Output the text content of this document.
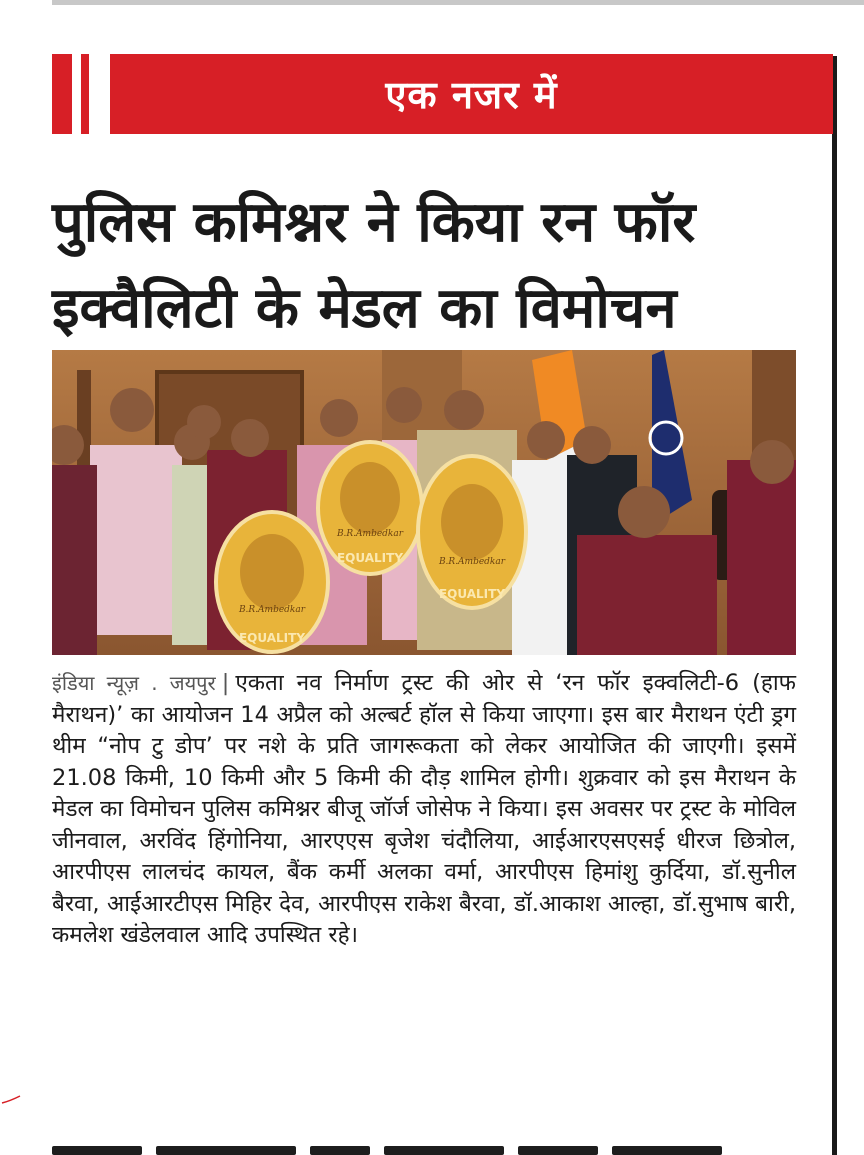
एक नजर में
पुलिस कमिश्नर ने किया रन फॉर इक्वैलिटी के मेडल का विमोचन
EQUALITY
EQUALITY
EQUALITY
B.R.Ambedkar
B.R.Ambedkar
B.R.Ambedkar

इंडिया न्यूज़ . जयपुर | एकता नव निर्माण ट्रस्ट की ओर से ‘रन फॉर इक्वलिटी-6 (हाफ मैराथन)’ का आयोजन 14 अप्रैल को अल्बर्ट हॉल से किया जाएगा। इस बार मैराथन एंटी ड्रग थीम “नोप टु डोप’ पर नशे के प्रति जागरूकता को लेकर आयोजित की जाएगी। इसमें 21.08 किमी, 10 किमी और 5 किमी की दौड़ शामिल होगी। शुक्रवार को इस मैराथन के मेडल का विमोचन पुलिस कमिश्नर बीजू जॉर्ज जोसेफ ने किया। इस अवसर पर ट्रस्ट के मोविल जीनवाल, अरविंद हिंगोनिया, आरएएस बृजेश चंदौलिया, आईआरएसएसई धीरज छित्रोल, आरपीएस लालचंद कायल, बैंक कर्मी अलका वर्मा, आरपीएस हिमांशु कुर्दिया, डॉ.सुनील बैरवा, आईआरटीएस मिहिर देव, आरपीएस राकेश बैरवा, डॉ.आकाश आल्हा, डॉ.सुभाष बारी, कमलेश खंडेलवाल आदि उपस्थित रहे।
